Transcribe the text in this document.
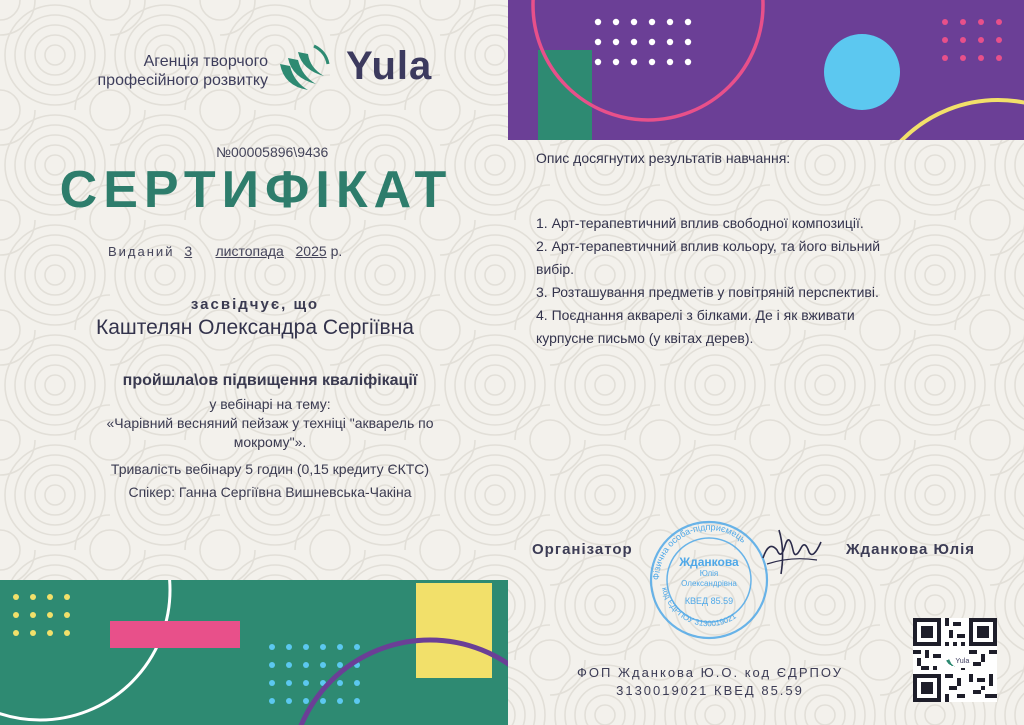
Агенція творчого
професійного розвитку Yula
№00005896\9436
СЕРТИФІКАТ
Виданий 3 листопада 2025 р.
засвідчує, що
Каштелян Олександра Сергіївна
пройшла\ов підвищення кваліфікації
у вебінарі на тему:
«Чарівний весняний пейзаж у техніці "акварель по
мокрому"».
Тривалість вебінару 5 годин (0,15 кредиту ЄКТС)
Спікер: Ганна Сергіївна Вишневська-Чакіна
Опис досягнутих результатів навчання:
1. Арт-терапевтичний вплив свободної композиції.
2. Арт-терапевтичний вплив кольору, та його вільний
вибір.
3. Розташування предметів у повітряній перспективі.
4. Поєднання акварелі з білками. Де і як вживати
курпусне письмо (у квітах дерев).
Організатор	Жданкова Юлія
Фізична особа-підприємець
код ЄДРПОУ 3130019021
Жданкова
Юлія
Олександрівна
КВЕД 85.59
ФОП Жданкова Ю.О. код ЄДРПОУ
3130019021 КВЕД 85.59
Yula
